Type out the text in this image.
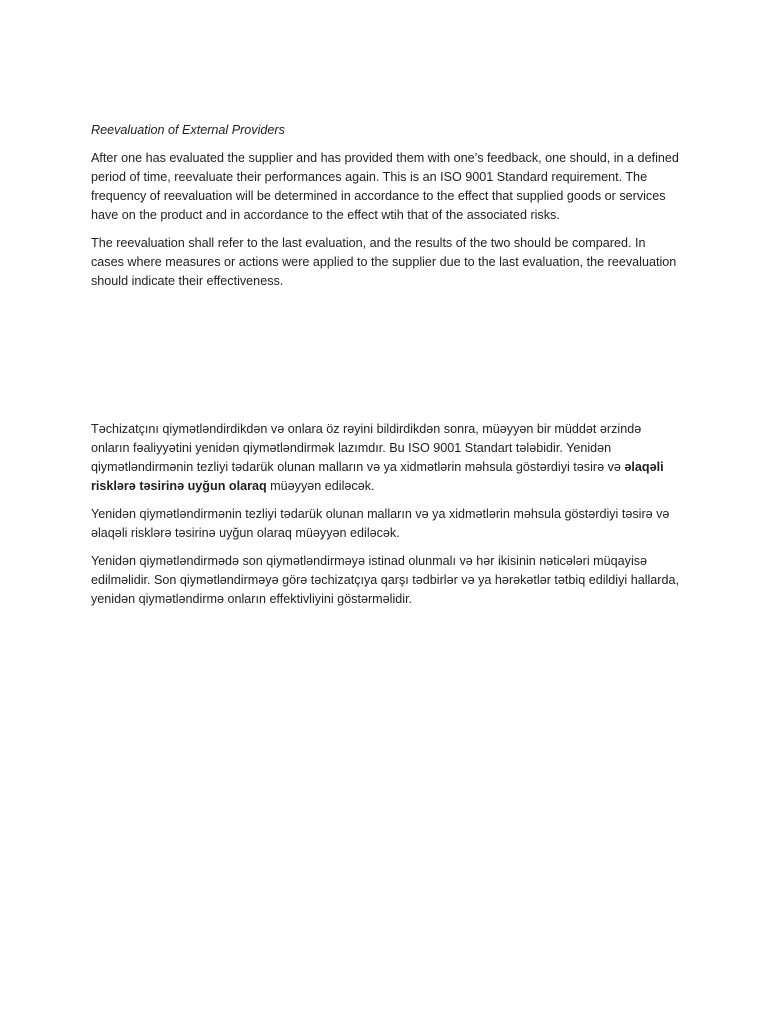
Reevaluation of External Providers

After one has evaluated the supplier and has provided them with one’s feedback, one should, in a defined period of time, reevaluate their performances again. This is an ISO 9001 Standard requirement. The frequency of reevaluation will be determined in accordance to the effect that supplied goods or services have on the product and in accordance to the effect wtih that of the associated risks.

The reevaluation shall refer to the last evaluation, and the results of the two should be compared. In cases where measures or actions were applied to the supplier due to the last evaluation, the reevaluation should indicate their effectiveness.

Təchizatçını qiymətləndirdikdən və onlara öz rəyini bildirdikdən sonra, müəyyən bir müddət ərzində onların fəaliyyətini yenidən qiymətləndirmək lazımdır. Bu ISO 9001 Standart tələbidir. Yenidən qiymətləndirmənin tezliyi tədarük olunan malların və ya xidmətlərin məhsula göstərdiyi təsirə və əlaqəli risklərə təsirinə uyğun olaraq müəyyən ediləcək.

Yenidən qiymətləndirmənin tezliyi tədarük olunan malların və ya xidmətlərin məhsula göstərdiyi təsirə və əlaqəli risklərə təsirinə uyğun olaraq müəyyən ediləcək.

Yenidən qiymətləndirmədə son qiymətləndirməyə istinad olunmalı və hər ikisinin nəticələri müqayisə edilməlidir. Son qiymətləndirməyə görə təchizatçıya qarşı tədbirlər və ya hərəkətlər tətbiq edildiyi hallarda, yenidən qiymətləndirmə onların effektivliyini göstərməlidir.
